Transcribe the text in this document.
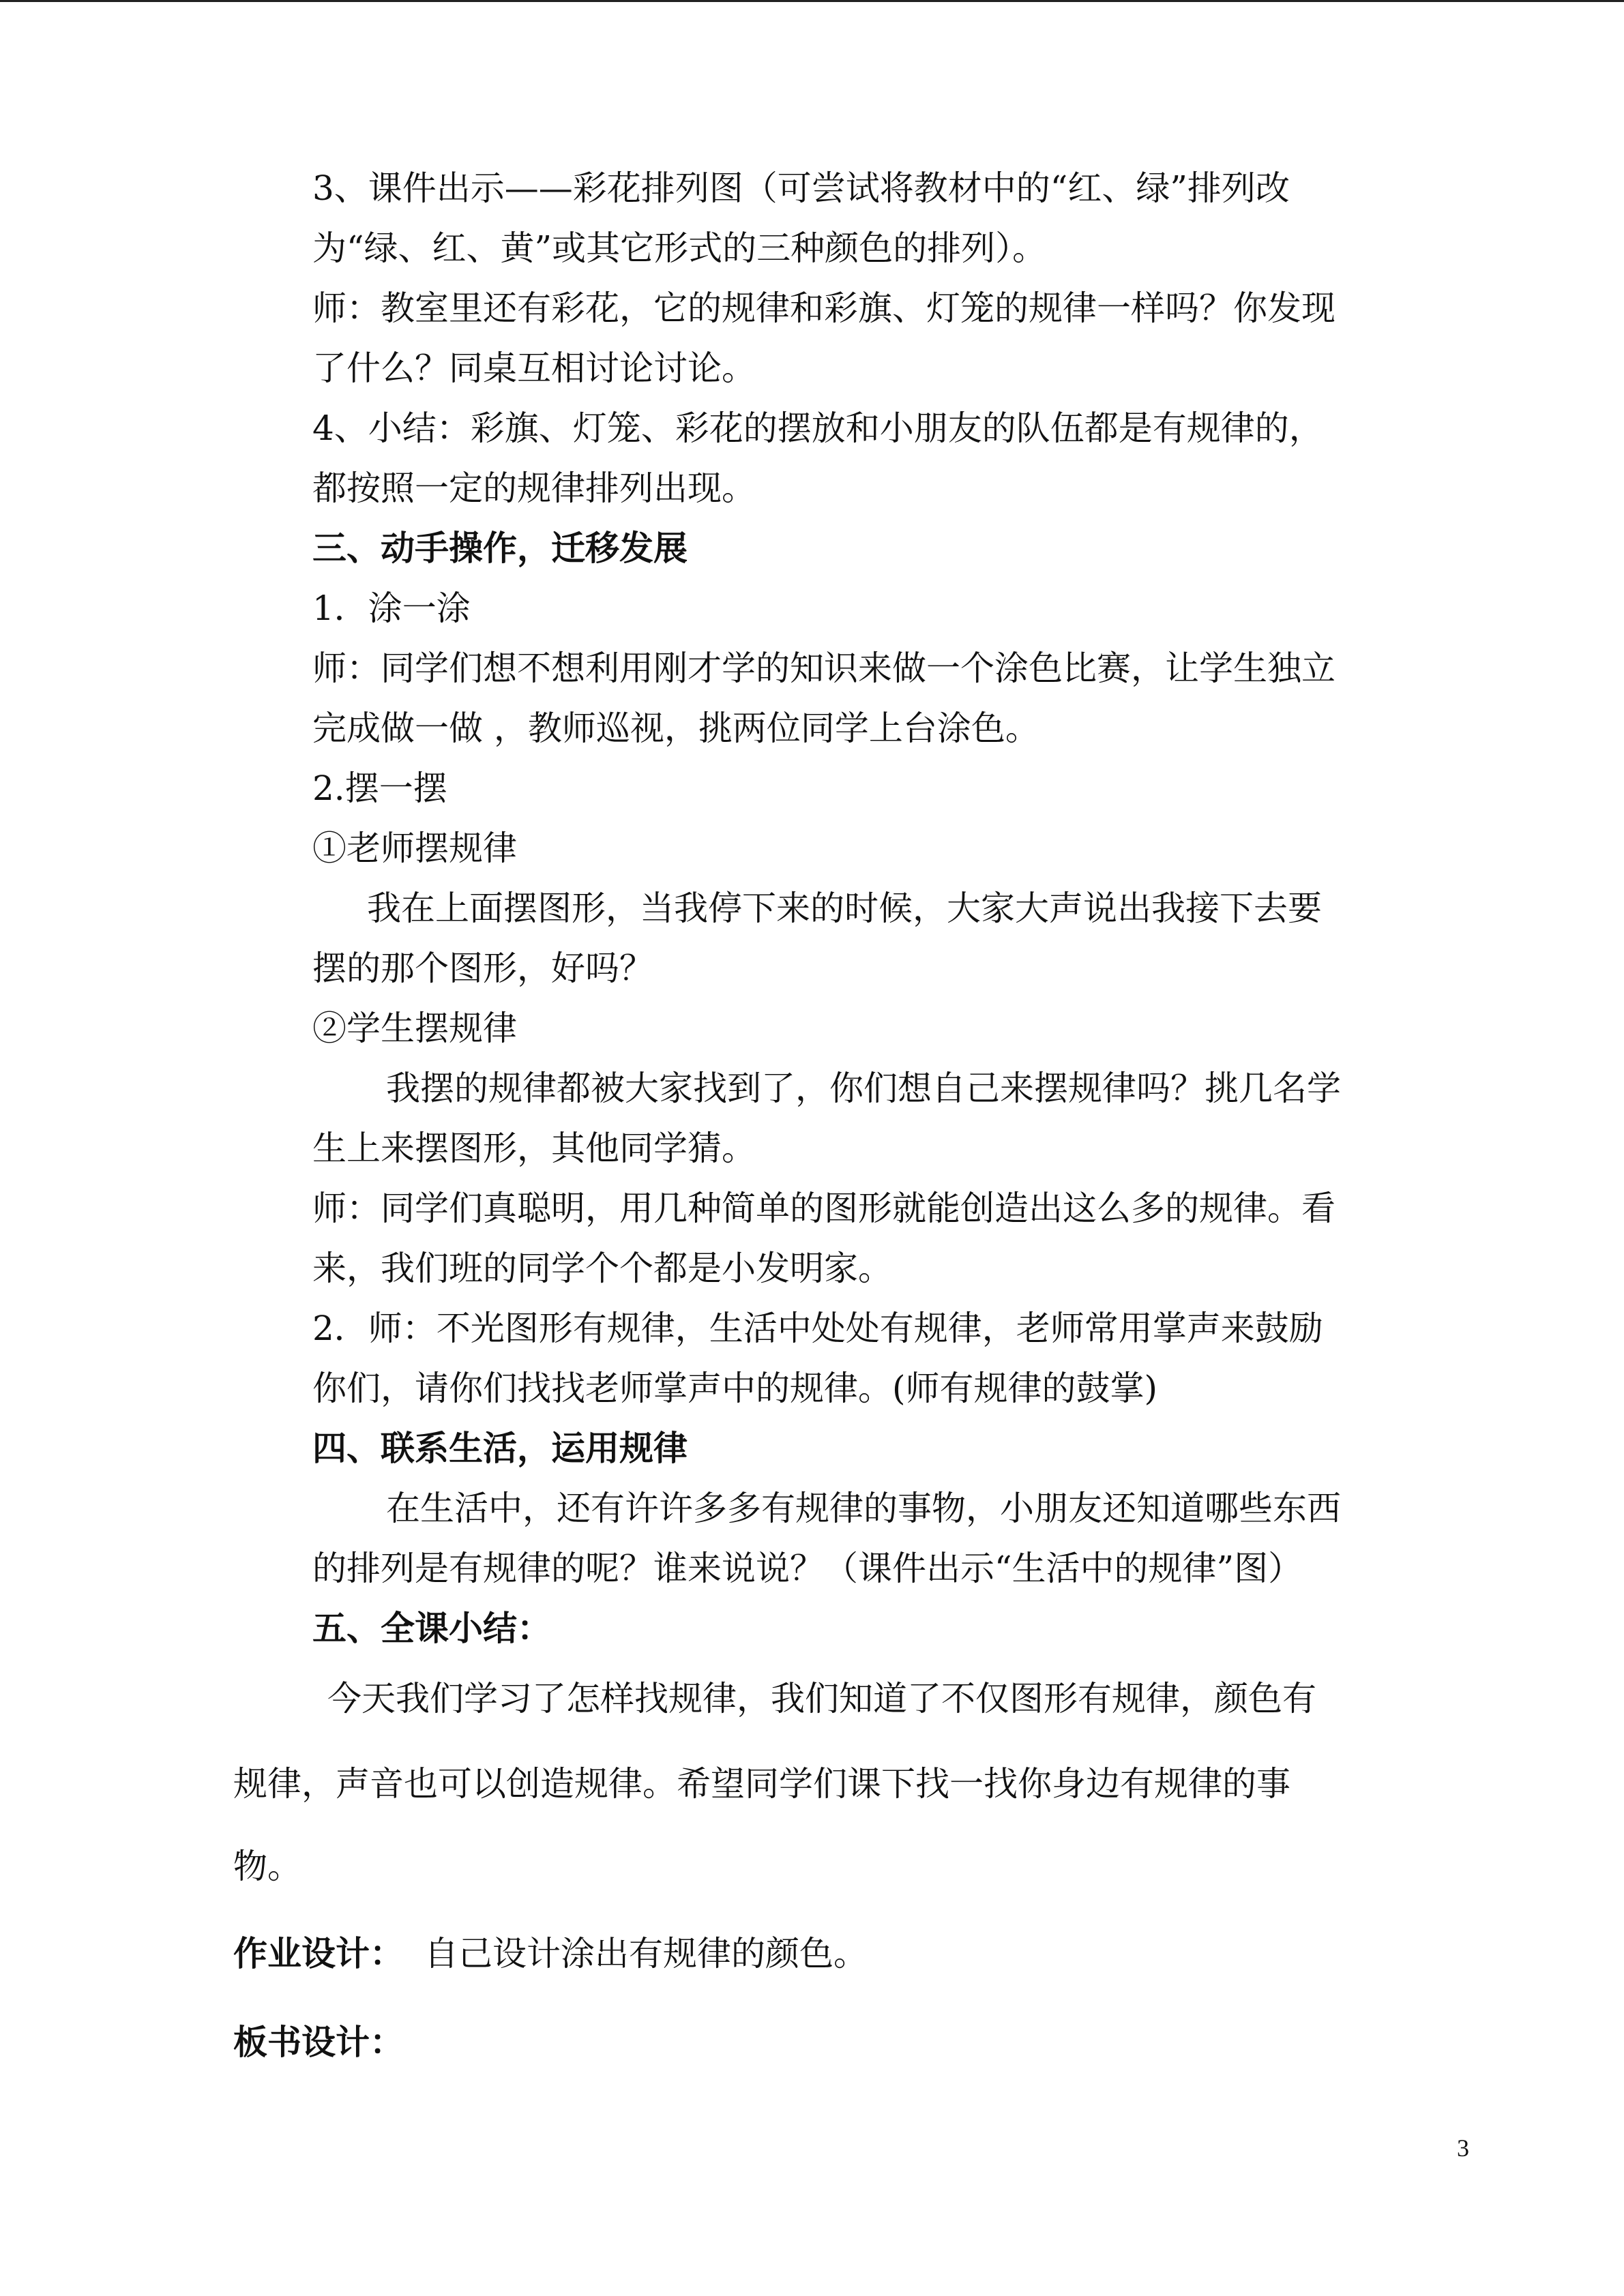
3、课件出示——彩花排列图（可尝试将教材中的“红、绿”排列改
为“绿、红、黄”或其它形式的三种颜色的排列）。
师：教室里还有彩花，它的规律和彩旗、灯笼的规律一样吗？你发现
了什么？同桌互相讨论讨论。
4、小结：彩旗、灯笼、彩花的摆放和小朋友的队伍都是有规律的，
都按照一定的规律排列出现。
三、动手操作，迁移发展
1．涂一涂
师：同学们想不想利用刚才学的知识来做一个涂色比赛，让学生独立
完成做一做 ，教师巡视，挑两位同学上台涂色。
2.摆一摆
①老师摆规律
我在上面摆图形，当我停下来的时候，大家大声说出我接下去要
摆的那个图形，好吗？
②学生摆规律
我摆的规律都被大家找到了，你们想自己来摆规律吗？挑几名学
生上来摆图形，其他同学猜。
师：同学们真聪明，用几种简单的图形就能创造出这么多的规律。看
来，我们班的同学个个都是小发明家。
2．师：不光图形有规律，生活中处处有规律，老师常用掌声来鼓励
你们，请你们找找老师掌声中的规律。(师有规律的鼓掌)
四、联系生活，运用规律
在生活中，还有许许多多有规律的事物，小朋友还知道哪些东西
的排列是有规律的呢？谁来说说？（课件出示“生活中的规律”图）
五、全课小结：
今天我们学习了怎样找规律，我们知道了不仅图形有规律，颜色有
规律，声音也可以创造规律。希望同学们课下找一找你身边有规律的事
物。
作业设计： 自己设计涂出有规律的颜色。
板书设计：
3
